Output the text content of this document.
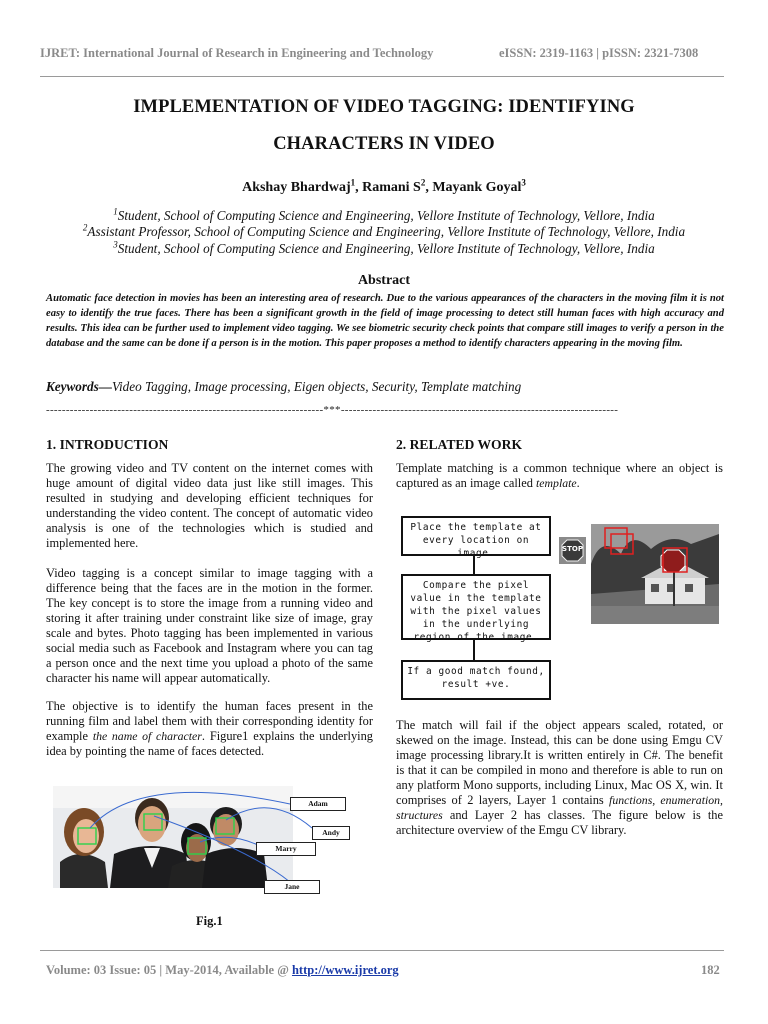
IJRET: International Journal of Research in Engineering and Technology	eISSN: 2319-1163 | pISSN: 2321-7308
IMPLEMENTATION OF VIDEO TAGGING: IDENTIFYING
CHARACTERS IN VIDEO
Akshay Bhardwaj$^1$, Ramani $S^2$, Mayank Goyal$^3$
$^1$Student, School of Computing Science and Engineering, Vellore Institute of Technology, Vellore, India
$^2$Assistant Professor, School of Computing Science and Engineering, Vellore Institute of Technology, Vellore, India
$^3$Student, School of Computing Science and Engineering, Vellore Institute of Technology, Vellore, India
Abstract
Automatic face detection in movies has been an interesting area of research. Due to the various appearances of the characters in the moving film it is not easy to identify the true faces. There has been a significant growth in the field of image processing to detect still human faces with high accuracy and results. This idea can be further used to implement video tagging. We see biometric security check points that compare still images to verify a person in the database and the same can be done if a person is in the motion. This paper proposes a method to identify characters appearing in the moving film.
Keywords—Video Tagging, Image processing, Eigen objects, Security, Template matching
----------------------------------------------------------------------***----------------------------------------------------------------------
1. INTRODUCTION
The growing video and TV content on the internet comes with huge amount of digital video data just like still images. This resulted in studying and developing efficient techniques for understanding the video content. The concept of automatic video analysis is one of the technologies which is studied and implemented here.
Video tagging is a concept similar to image tagging with a difference being that the faces are in the motion in the former. The key concept is to store the image from a running video and storing it after training under constraint like size of image, gray scale and bytes. Photo tagging has been implemented in various social media such as Facebook and Instagram where you can tag a person once and the next time you upload a photo of the same character his name will appear automatically.
The objective is to identify the human faces present in the running film and label them with their corresponding identity for example the name of character. Figure1 explains the underlying idea by pointing the name of faces detected.
Adam
Andy
Marry
Jane
Fig.1
2. RELATED WORK
Template matching is a common technique where an object is captured as an image called template.
Place the template at every location on image.
Compare the pixel value in the template with the pixel values in the underlying region of the image.
If a good match found, result +ve.
STOP
The match will fail if the object appears scaled, rotated, or skewed on the image. Instead, this can be done using Emgu CV image processing library.It is written entirely in C#. The benefit is that it can be compiled in mono and therefore is able to run on any platform Mono supports, including Linux, Mac OS X, win. It comprises of 2 layers, Layer 1 contains functions, enumeration, structures and Layer 2 has classes. The figure below is the architecture overview of the Emgu CV library.
Volume: 03 Issue: 05 | May-2014, Available @ http://www.ijret.org	182
